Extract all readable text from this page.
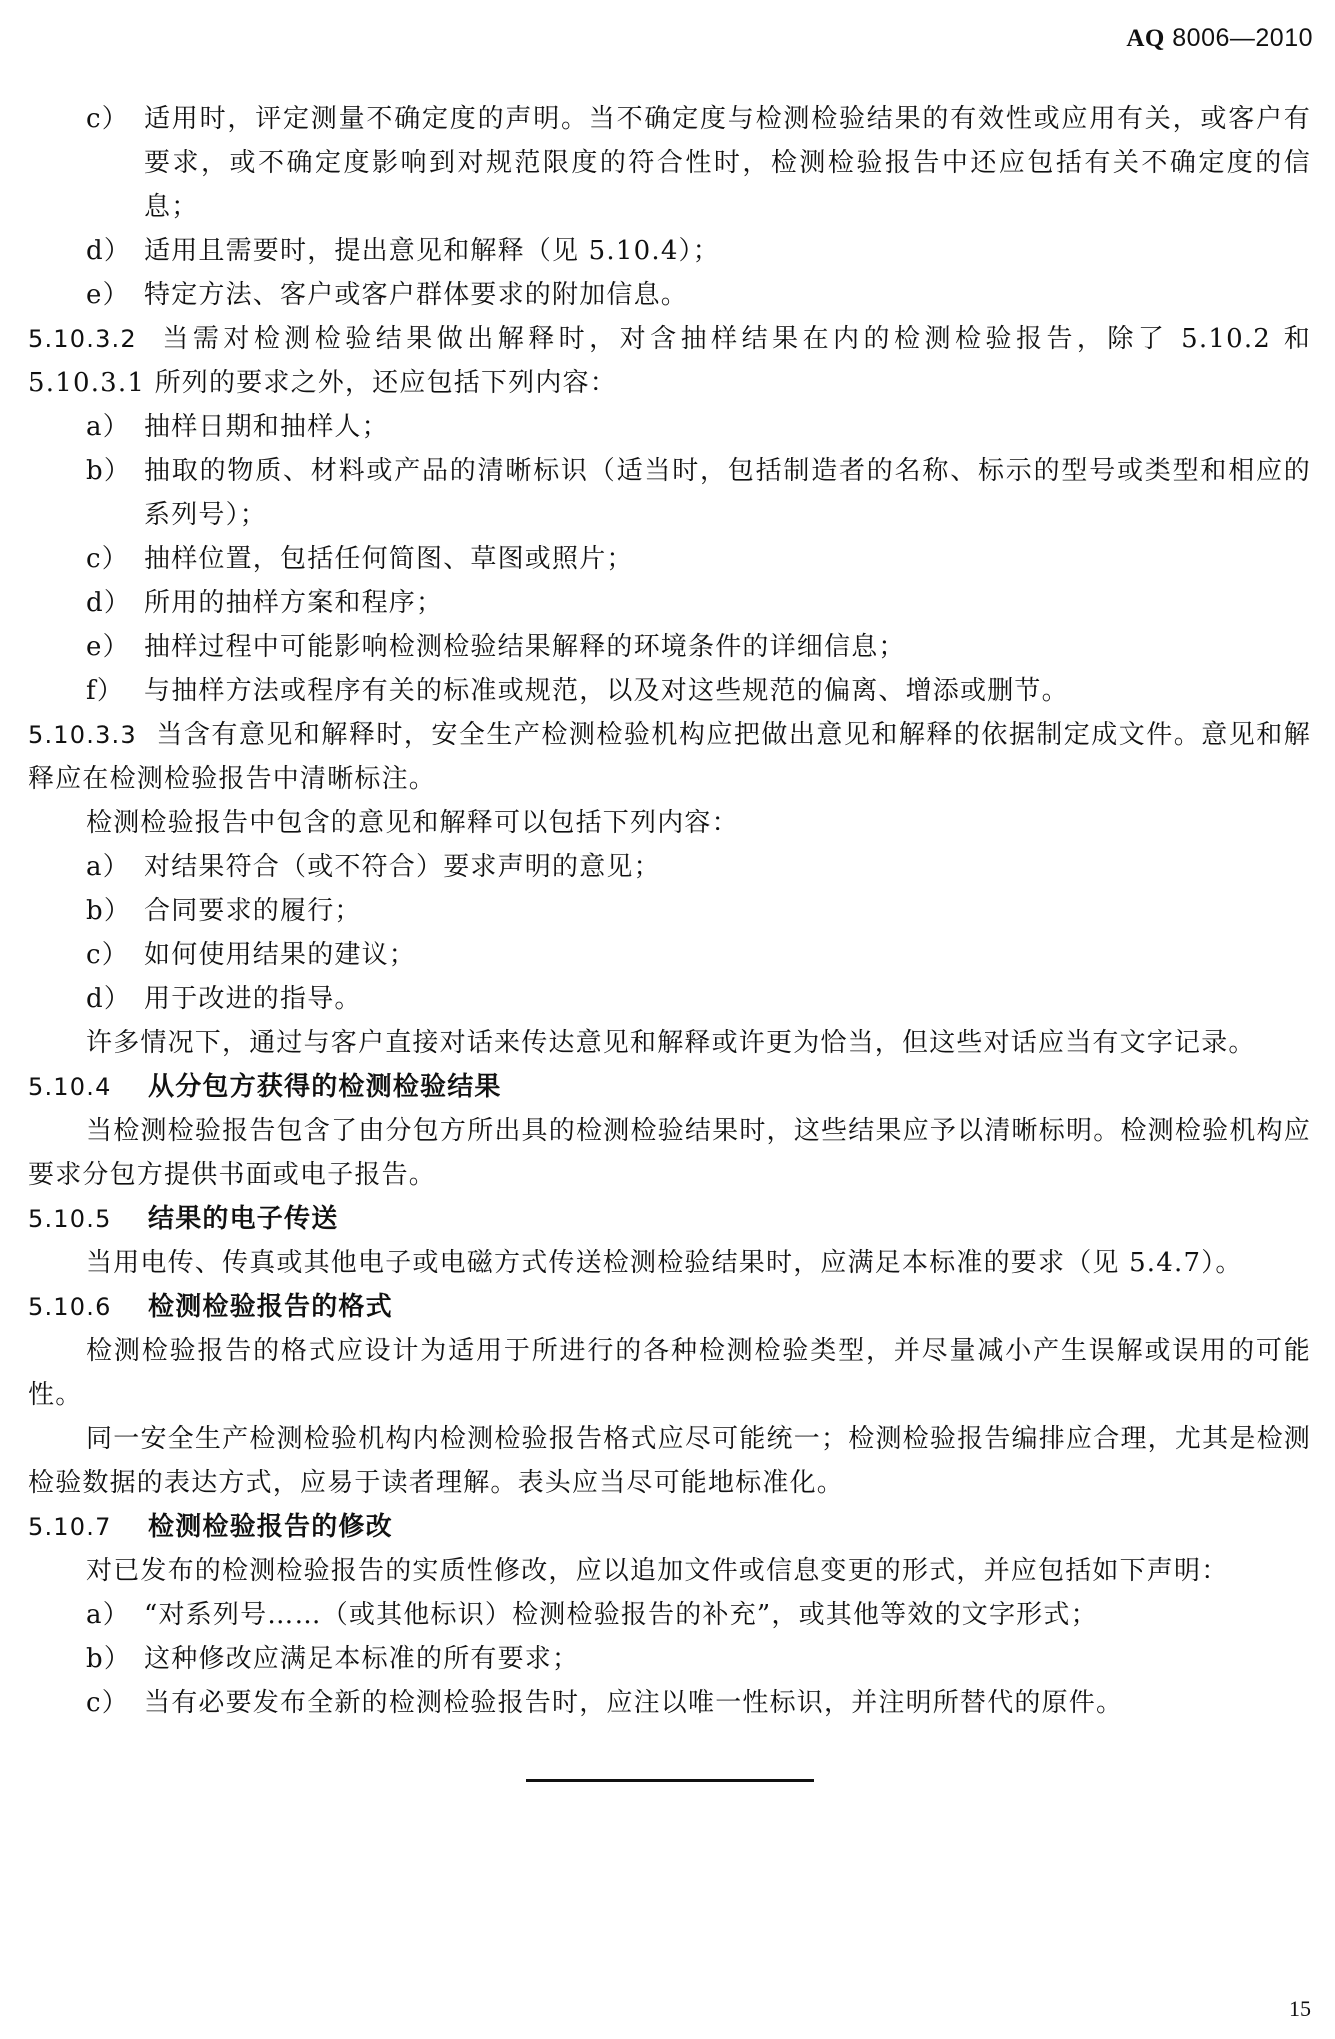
AQ 8006—2010
c） 适用时，评定测量不确定度的声明。当不确定度与检测检验结果的有效性或应用有关，或客户有要求，或不确定度影响到对规范限度的符合性时，检测检验报告中还应包括有关不确定度的信息；
d） 适用且需要时，提出意见和解释（见 5.10.4）；
e） 特定方法、客户或客户群体要求的附加信息。
5.10.3.2 当需对检测检验结果做出解释时，对含抽样结果在内的检测检验报告，除了 5.10.2 和 5.10.3.1 所列的要求之外，还应包括下列内容：
a） 抽样日期和抽样人；
b） 抽取的物质、材料或产品的清晰标识（适当时，包括制造者的名称、标示的型号或类型和相应的系列号）；
c） 抽样位置，包括任何简图、草图或照片；
d） 所用的抽样方案和程序；
e） 抽样过程中可能影响检测检验结果解释的环境条件的详细信息；
f） 与抽样方法或程序有关的标准或规范，以及对这些规范的偏离、增添或删节。
5.10.3.3 当含有意见和解释时，安全生产检测检验机构应把做出意见和解释的依据制定成文件。意见和解释应在检测检验报告中清晰标注。
检测检验报告中包含的意见和解释可以包括下列内容：
a） 对结果符合（或不符合）要求声明的意见；
b） 合同要求的履行；
c） 如何使用结果的建议；
d） 用于改进的指导。
许多情况下，通过与客户直接对话来传达意见和解释或许更为恰当，但这些对话应当有文字记录。
5.10.4 从分包方获得的检测检验结果
当检测检验报告包含了由分包方所出具的检测检验结果时，这些结果应予以清晰标明。检测检验机构应要求分包方提供书面或电子报告。
5.10.5 结果的电子传送
当用电传、传真或其他电子或电磁方式传送检测检验结果时，应满足本标准的要求（见 5.4.7）。
5.10.6 检测检验报告的格式
检测检验报告的格式应设计为适用于所进行的各种检测检验类型，并尽量减小产生误解或误用的可能性。
同一安全生产检测检验机构内检测检验报告格式应尽可能统一；检测检验报告编排应合理，尤其是检测检验数据的表达方式，应易于读者理解。表头应当尽可能地标准化。
5.10.7 检测检验报告的修改
对已发布的检测检验报告的实质性修改，应以追加文件或信息变更的形式，并应包括如下声明：
a） “对系列号……（或其他标识）检测检验报告的补充”，或其他等效的文字形式；
b） 这种修改应满足本标准的所有要求；
c） 当有必要发布全新的检测检验报告时，应注以唯一性标识，并注明所替代的原件。
15
